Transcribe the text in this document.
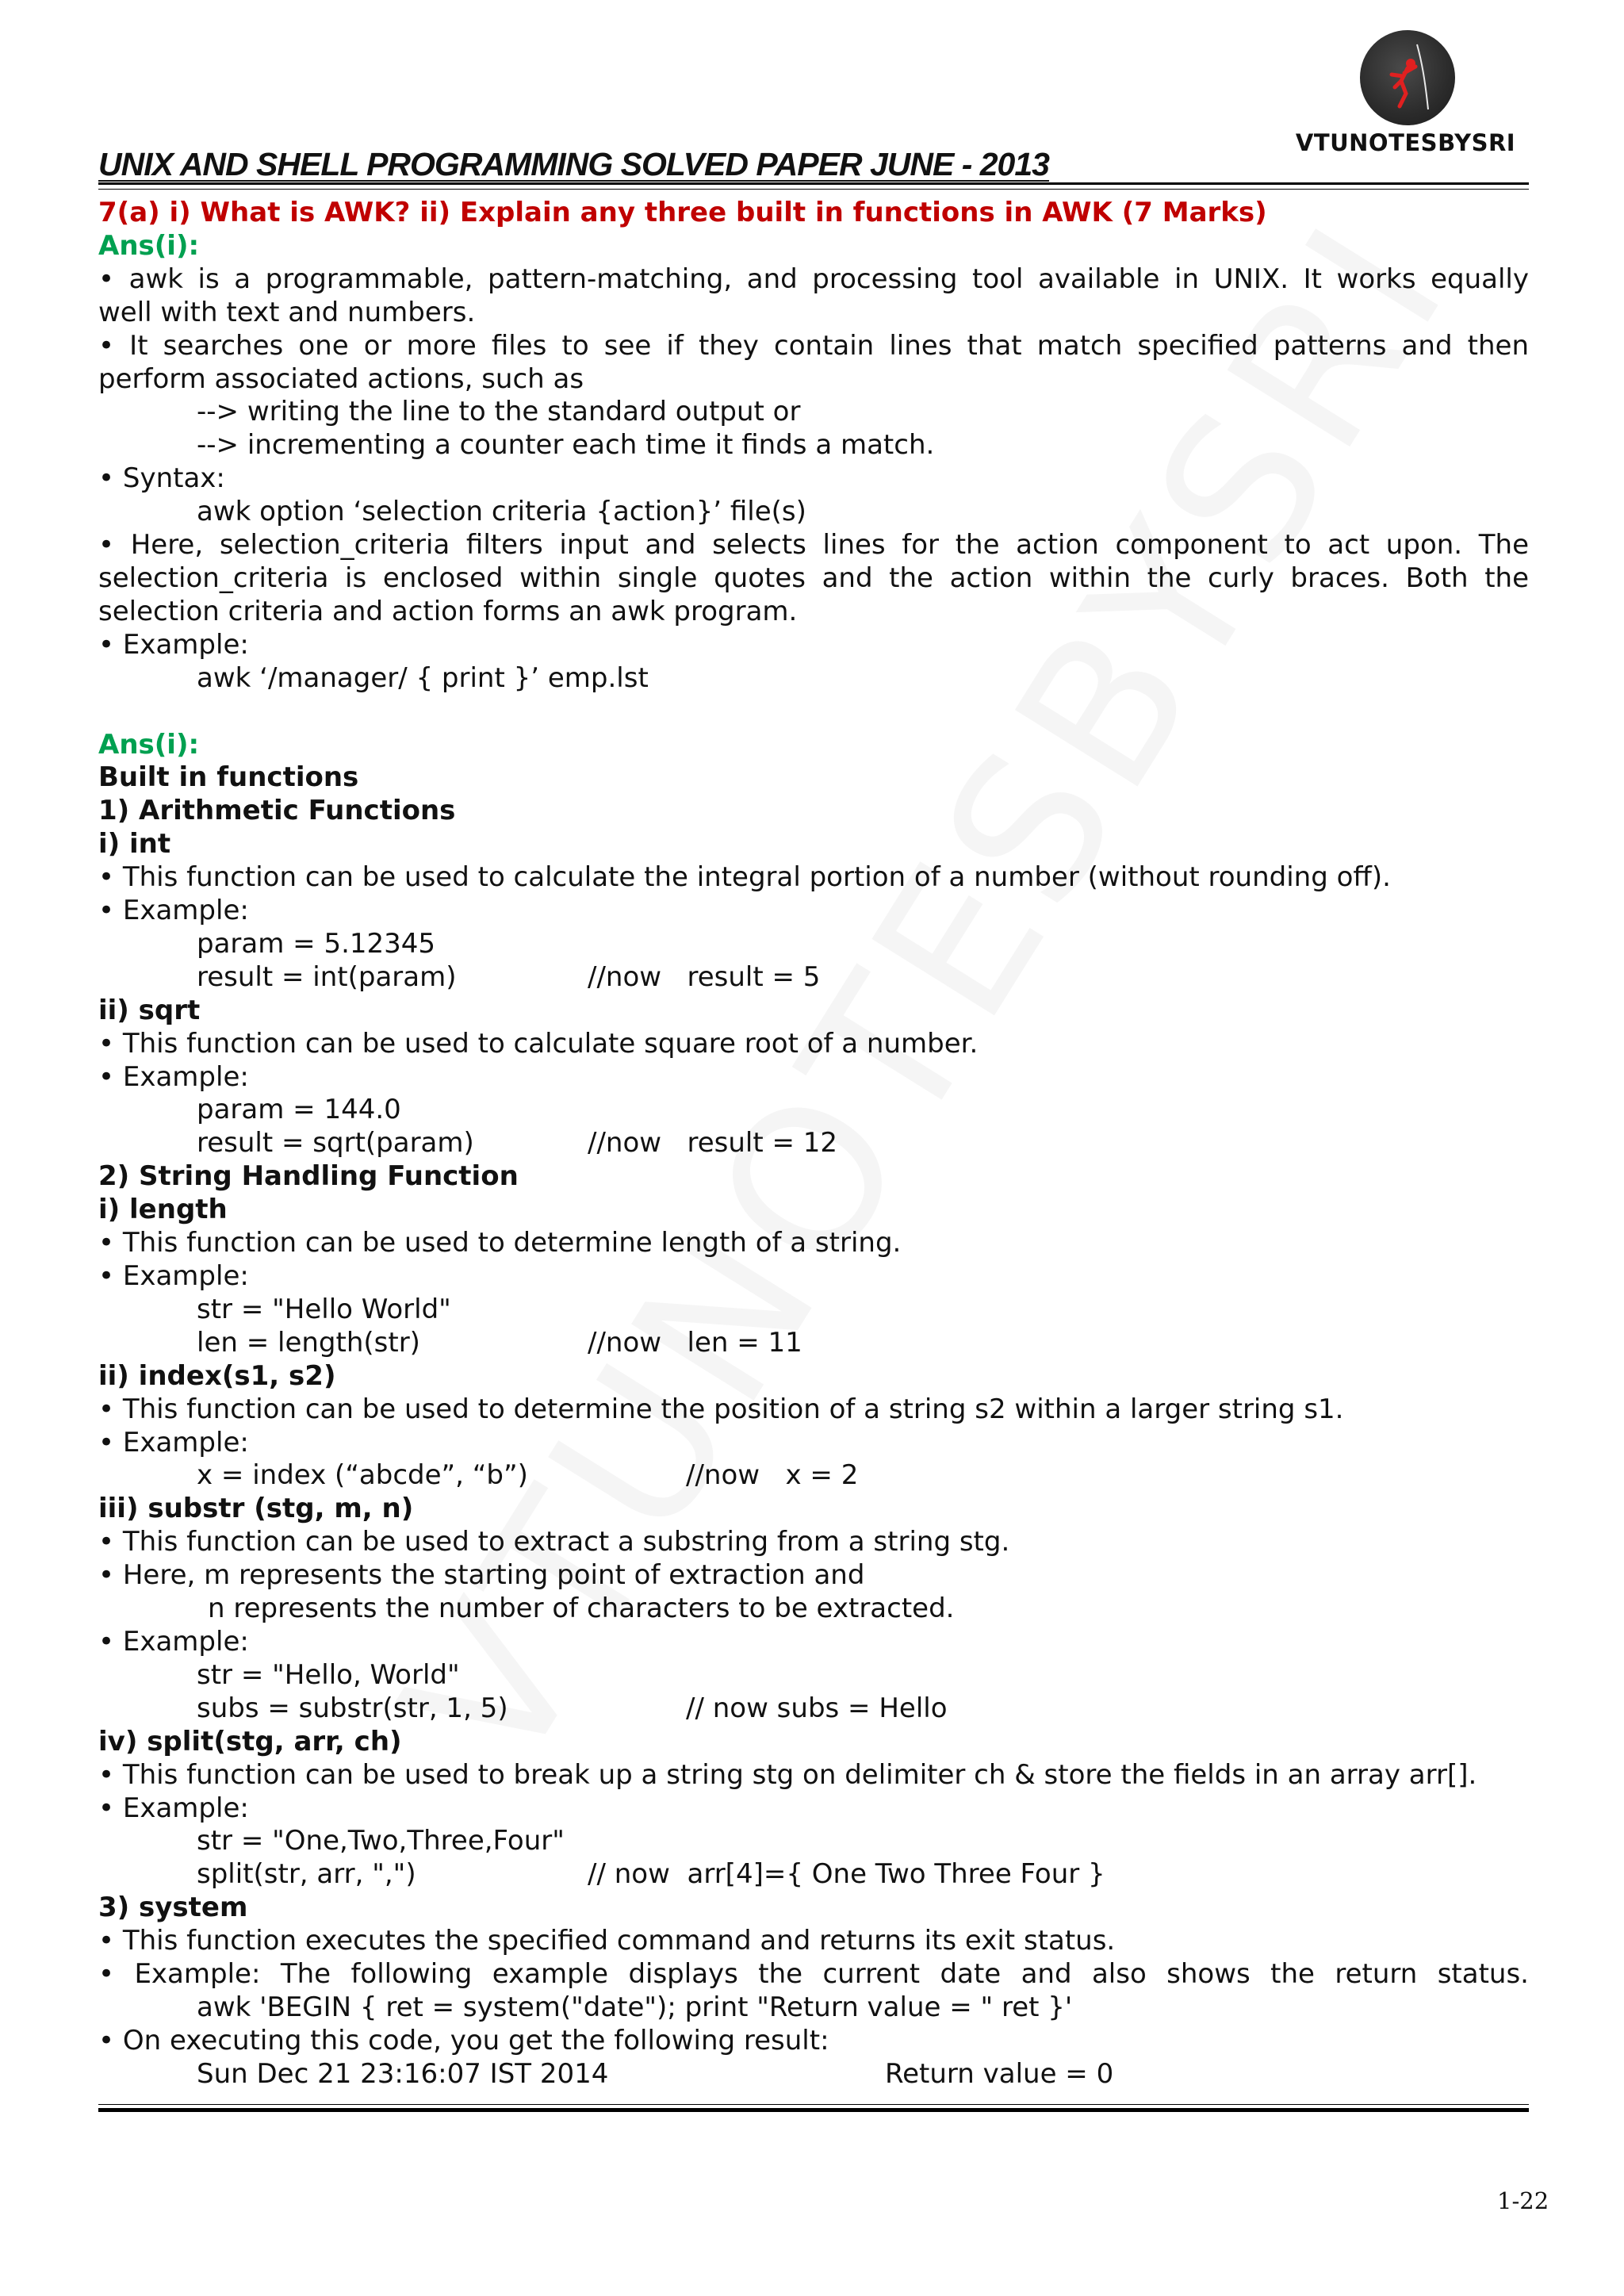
VTUNOTESBYSRI
UNIX AND SHELL PROGRAMMING SOLVED PAPER JUNE - 2013
7(a) i) What is AWK? ii) Explain any three built in functions in AWK (7 Marks)
Ans(i):
• awk is a programmable, pattern-matching, and processing tool available in UNIX. It works equally
well with text and numbers.
• It searches one or more files to see if they contain lines that match specified patterns and then
perform associated actions, such as
--> writing the line to the standard output or
--> incrementing a counter each time it finds a match.
• Syntax:
awk option ‘selection criteria {action}’ file(s)
• Here, selection_criteria filters input and selects lines for the action component to act upon. The
selection_criteria is enclosed within single quotes and the action within the curly braces. Both the
selection criteria and action forms an awk program.
• Example:
awk ‘/manager/ { print }’ emp.lst

Ans(i):
Built in functions
1) Arithmetic Functions
i) int
• This function can be used to calculate the integral portion of a number (without rounding off).
• Example:
param = 5.12345
result = int(param)	//now   result = 5
ii) sqrt
• This function can be used to calculate square root of a number.
• Example:
param = 144.0
result = sqrt(param)	//now   result = 12
2) String Handling Function
i) length
• This function can be used to determine length of a string.
• Example:
str = "Hello World"
len = length(str)	//now   len = 11
ii) index(s1, s2)
• This function can be used to determine the position of a string s2 within a larger string s1.
• Example:
x = index (“abcde”, “b”)	//now   x = 2
iii) substr (stg, m, n)
• This function can be used to extract a substring from a string stg.
• Here, m represents the starting point of extraction and
n represents the number of characters to be extracted.
• Example:
str = "Hello, World"
subs = substr(str, 1, 5)	// now subs = Hello
iv) split(stg, arr, ch)
• This function can be used to break up a string stg on delimiter ch & store the fields in an array arr[].
• Example:
str = "One,Two,Three,Four"
split(str, arr, ",")	// now  arr[4]={ One Two Three Four }
3) system
• This function executes the specified command and returns its exit status.
• Example: The following example displays the current date and also shows the return status.
awk 'BEGIN { ret = system("date"); print "Return value = " ret }'
• On executing this code, you get the following result:
Sun Dec 21 23:16:07 IST 2014	Return value = 0
1-22
